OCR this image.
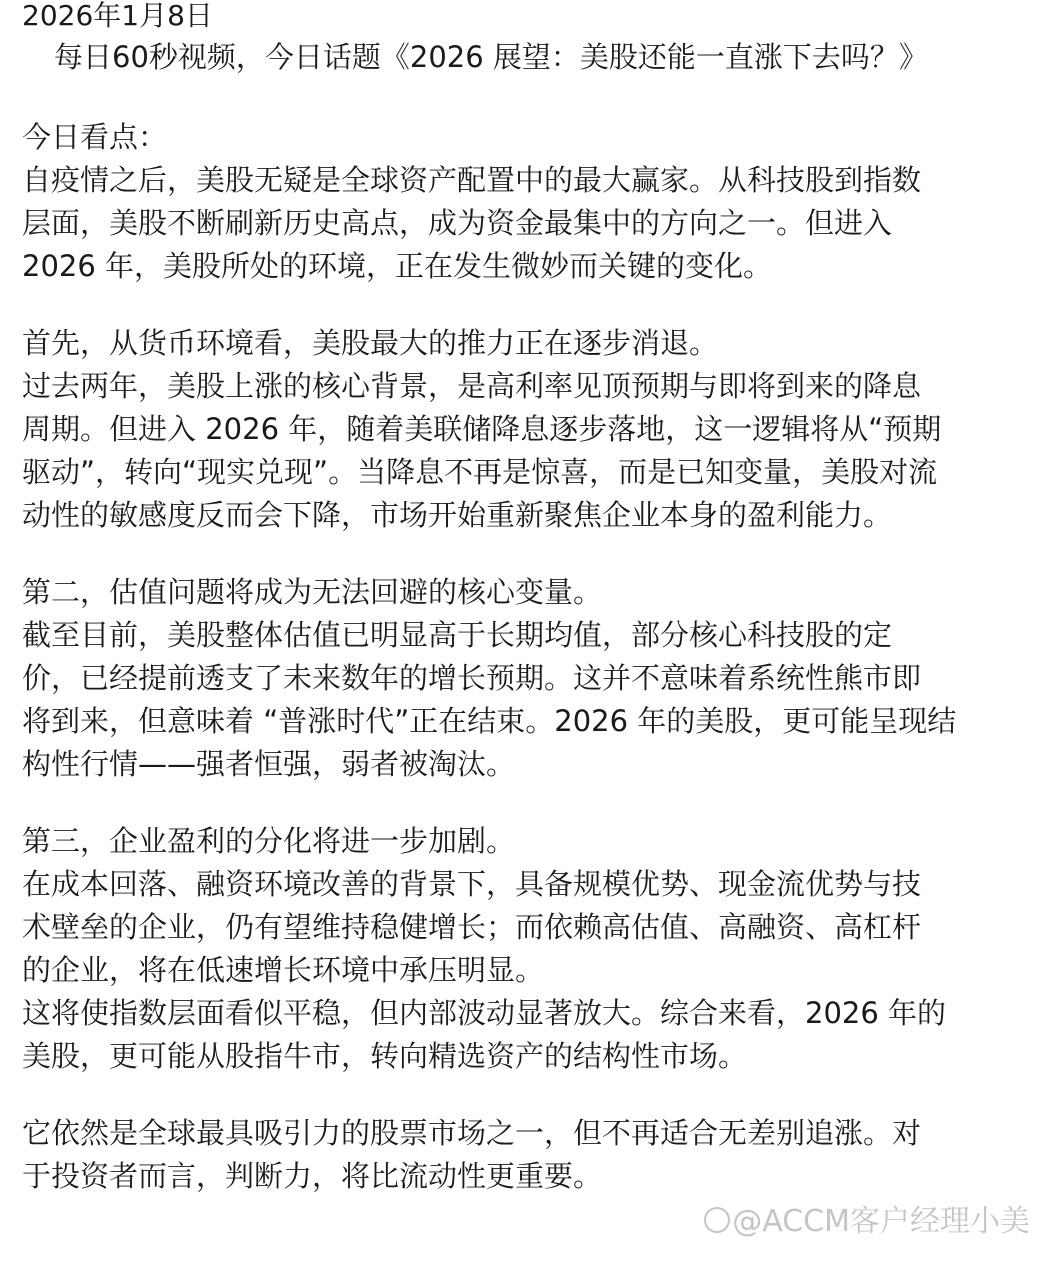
2026年1月8日
每日60秒视频，今日话题《2026 展望：美股还能一直涨下去吗？》
今日看点：
自疫情之后，美股无疑是全球资产配置中的最大赢家。从科技股到指数
层面，美股不断刷新历史高点，成为资金最集中的方向之一。但进入
2026 年，美股所处的环境，正在发生微妙而关键的变化。
首先，从货币环境看，美股最大的推力正在逐步消退。
过去两年，美股上涨的核心背景，是高利率见顶预期与即将到来的降息
周期。但进入 2026 年，随着美联储降息逐步落地，这一逻辑将从“预期
驱动”，转向“现实兑现”。当降息不再是惊喜，而是已知变量，美股对流
动性的敏感度反而会下降，市场开始重新聚焦企业本身的盈利能力。
第二，估值问题将成为无法回避的核心变量。
截至目前，美股整体估值已明显高于长期均值，部分核心科技股的定
价，已经提前透支了未来数年的增长预期。这并不意味着系统性熊市即
将到来，但意味着 “普涨时代”正在结束。2026 年的美股，更可能呈现结
构性行情——强者恒强，弱者被淘汰。
第三，企业盈利的分化将进一步加剧。
在成本回落、融资环境改善的背景下，具备规模优势、现金流优势与技
术壁垒的企业，仍有望维持稳健增长；而依赖高估值、高融资、高杠杆
的企业，将在低速增长环境中承压明显。
这将使指数层面看似平稳，但内部波动显著放大。综合来看，2026 年的
美股，更可能从股指牛市，转向精选资产的结构性市场。
它依然是全球最具吸引力的股票市场之一，但不再适合无差别追涨。对
于投资者而言，判断力，将比流动性更重要。
@ACCM客户经理小美
